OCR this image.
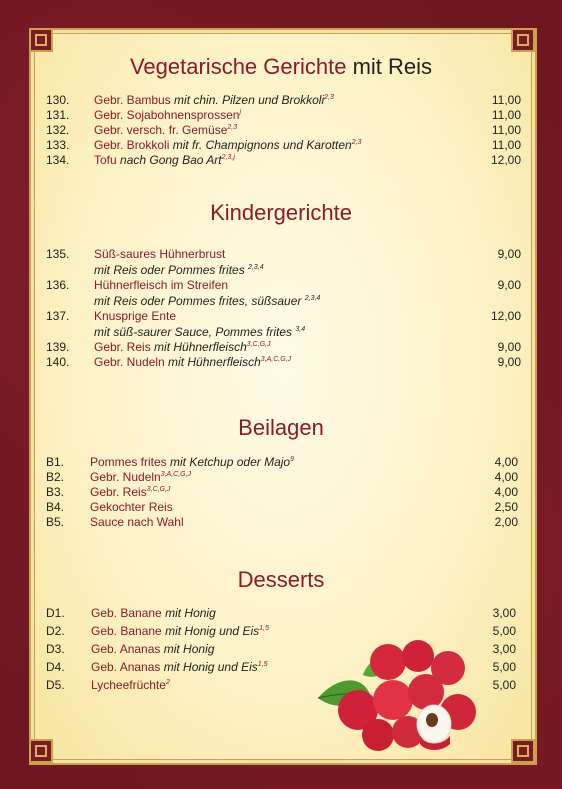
Vegetarische Gerichte mit Reis
Kindergerichte
Beilagen
Desserts
130. Gebr. Bambus mit chin. Pilzen und Brokkoli$^{2,3}$	11,00
131. Gebr. Sojabohnensprossen$^j$	11,00
132. Gebr. versch. fr. Gemüse$^{2,3}$	11,00
133. Gebr. Brokkoli mit fr. Champignons und Karotten$^{2,3}$	11,00
134. Tofu nach Gong Bao Art$^{2,3,j}$	12,00
135. Süß-saures Hühnerbrust	9,00
mit Reis oder Pommes frites $^{2,3,4}$
136. Hühnerfleisch im Streifen	9,00
mit Reis oder Pommes frites, süßsauer $^{2,3,4}$
137. Knusprige Ente	12,00
mit süß-saurer Sauce, Pommes frites $^{3,4}$
139. Gebr. Reis mit Hühnerfleisch$^{3,C,G,J}$	9,00
140. Gebr. Nudeln mit Hühnerfleisch$^{3,A,C,G,J}$	9,00
B1. Pommes frites mit Ketchup oder Majo$^9$	4,00
B2. Gebr. Nudeln$^{3,A,C,G,J}$	4,00
B3. Gebr. Reis$^{3,C,G,J}$	4,00
B4. Gekochter Reis	2,50
B5. Sauce nach Wahl	2,00
D1. Geb. Banane mit Honig	3,00
D2. Geb. Banane mit Honig und Eis$^{1,5}$	5,00
D3. Geb. Ananas mit Honig	3,00
D4. Geb. Ananas mit Honig und Eis$^{1,5}$	5,00
D5. Lycheefrüchte$^2$	5,00
